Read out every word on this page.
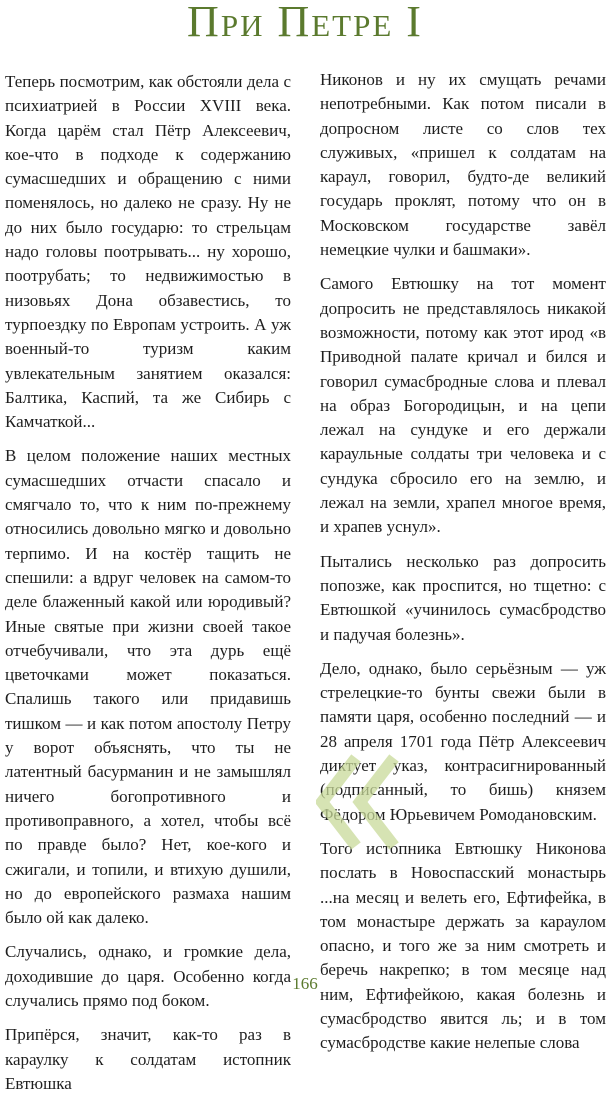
При Петре I

Теперь посмотрим, как обстояли дела с психиатрией в России XVIII века. Когда царём стал Пётр Алексеевич, кое-что в подходе к содержанию сумасшедших и обращению с ними поменялось, но далеко не сразу. Ну не до них было государю: то стрельцам надо головы поотрывать... ну хорошо, поотрубать; то недвижимостью в низовьях Дона обзавестись, то турпоездку по Европам устроить. А уж военный-то туризм каким увлекательным занятием оказался: Балтика, Каспий, та же Сибирь с Камчаткой...

В целом положение наших местных сумасшедших отчасти спасало и смягчало то, что к ним по-прежнему относились довольно мягко и довольно терпимо. И на костёр тащить не спешили: а вдруг человек на самом-то деле блаженный какой или юродивый? Иные святые при жизни своей такое отчебучивали, что эта дурь ещё цветочками может показаться. Спалишь такого или придавишь тишком — и как потом апостолу Петру у ворот объяснять, что ты не латентный басурманин и не замышлял ничего богопротивного и противоправного, а хотел, чтобы всё по правде было? Нет, кое-кого и сжигали, и топили, и втихую душили, но до европейского размаха нашим было ой как далеко.

Случались, однако, и громкие дела, доходившие до царя. Особенно когда случались прямо под боком.

Припёрся, значит, как-то раз в караулку к солдатам истопник Евтюшка

Никонов и ну их смущать речами непотребными. Как потом писали в допросном листе со слов тех служивых, «пришел к солдатам на караул, говорил, будто-де великий государь проклят, потому что он в Московском государстве завёл немецкие чулки и башмаки».

Самого Евтюшку на тот момент допросить не представлялось никакой возможности, потому как этот ирод «в Приводной палате кричал и бился и говорил сумасбродные слова и плевал на образ Богородицын, и на цепи лежал на сундуке и его держали караульные солдаты три человека и с сундука сбросило его на землю, и лежал на земли, храпел многое время, и храпев уснул».

Пытались несколько раз допросить попозже, как проспится, но тщетно: с Евтюшкой «учинилось сумасбродство и падучая болезнь».

Дело, однако, было серьёзным — уж стрелецкие-то бунты свежи были в памяти царя, особенно последний — и 28 апреля 1701 года Пётр Алексеевич диктует указ, контрасигнированный (подписанный, то бишь) князем Фёдором Юрьевичем Ромодановским.

Того истопника Евтюшку Никонова послать в Новоспасский монастырь ...на месяц и велеть его, Ефтифейка, в том монастыре держать за караулом опасно, и того же за ним смотреть и беречь накрепко; в том месяце над ним, Ефтифейкою, какая болезнь и сумасбродство явится ль; и в том сумасбродстве какие нелепые слова

166
